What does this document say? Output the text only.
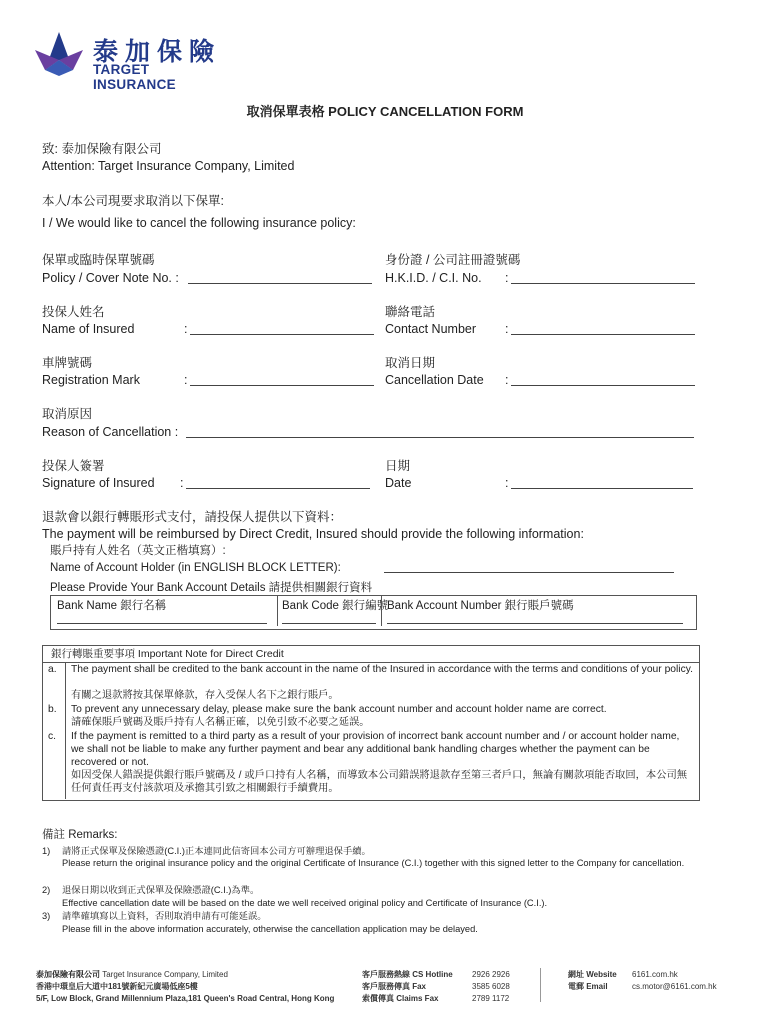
泰加保險
TARGET INSURANCE
取消保單表格 POLICY CANCELLATION FORM
致: 泰加保險有限公司
Attention: Target Insurance Company, Limited
本人/本公司現要求取消以下保單:
I / We would like to cancel the following insurance policy:
保單或臨時保單號碼
Policy / Cover Note No. :
身份證 / 公司註冊證號碼
H.K.I.D. / C.I. No. :
投保人姓名
Name of Insured	:
聯絡電話
Contact Number :
車牌號碼
Registration Mark	:
取消日期
Cancellation Date :
取消原因
Reason of Cancellation :
投保人簽署
Signature of Insured :
日期
Date	:
退款會以銀行轉賬形式支付，請投保人提供以下資料：
The payment will be reimbursed by Direct Credit, Insured should provide the following information:
賬戶持有人姓名（英文正楷填寫）:
Name of Account Holder (in ENGLISH BLOCK LETTER):
Please Provide Your Bank Account Details 請提供相關銀行資料
Bank Name 銀行名稱	Bank Code 銀行編號
Bank Account Number 銀行賬戶號碼
銀行轉賬重要事項 Important Note for Direct Credit
a. The payment shall be credited to the bank account in the name of the Insured in accordance with the terms and conditions of your policy.
有關之退款將按其保單條款，存入受保人名下之銀行賬戶。
b. To prevent any unnecessary delay, please make sure the bank account number and account holder name are correct.
請確保賬戶號碼及賬戶持有人名稱正確，以免引致不必要之延誤。
c. If the payment is remitted to a third party as a result of your provision of incorrect bank account number and / or account holder name, we shall not be liable to make any further payment and bear any additional bank handling charges whether the payment can be recovered or not.
如因受保人錯誤提供銀行賬戶號碼及 / 或戶口持有人名稱，而導致本公司錯誤將退款存至第三者戶口，無論有關款項能否取回，本公司無任何責任再支付該款項及承擔其引致之相關銀行手續費用。
備註 Remarks:
1) 請將正式保單及保險憑證(C.I.)正本連同此信寄回本公司方可辦理退保手續。
Please return the original insurance policy and the original Certificate of Insurance (C.I.) together with this signed letter to the Company for cancellation.
2) 退保日期以收到正式保單及保險憑證(C.I.)為準。
Effective cancellation date will be based on the date we well received original policy and Certificate of Insurance (C.I.).
3) 請準確填寫以上資料，否則取消申請有可能延誤。
Please fill in the above information accurately, otherwise the cancellation application may be delayed.
泰加保險有限公司 Target Insurance Company, Limited
香港中環皇后大道中181號新紀元廣場低座5樓
5/F, Low Block, Grand Millennium Plaza,181 Queen's Road Central, Hong Kong
客戶服務熱線 CS Hotline 2926 2926
客戶服務傳真 Fax	3585 6028
索償傳真 Claims Fax	2789 1172
網址 Website 6161.com.hk
電郵 Email	cs.motor@6161.com.hk
